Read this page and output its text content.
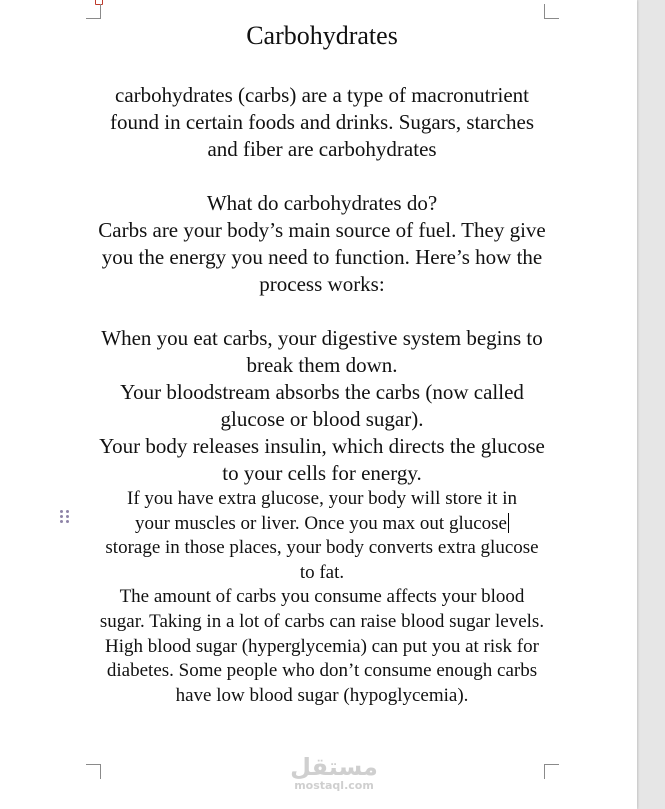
Carbohydrates

carbohydrates (carbs) are a type of macronutrient found in certain foods and drinks. Sugars, starches and fiber are carbohydrates

What do carbohydrates do?

Carbs are your body’s main source of fuel. They give you the energy you need to function. Here’s how the process works:

When you eat carbs, your digestive system begins to break them down.

Your bloodstream absorbs the carbs (now called glucose or blood sugar).

Your body releases insulin, which directs the glucose to your cells for energy.

If you have extra glucose, your body will store it in

your muscles or liver. Once you max out glucose

storage in those places, your body converts extra glucose to fat.

The amount of carbs you consume affects your blood sugar. Taking in a lot of carbs can raise blood sugar levels. High blood sugar (hyperglycemia) can put you at risk for diabetes. Some people who don’t consume enough carbs have low blood sugar (hypoglycemia).

مستقل
mostaql.com
